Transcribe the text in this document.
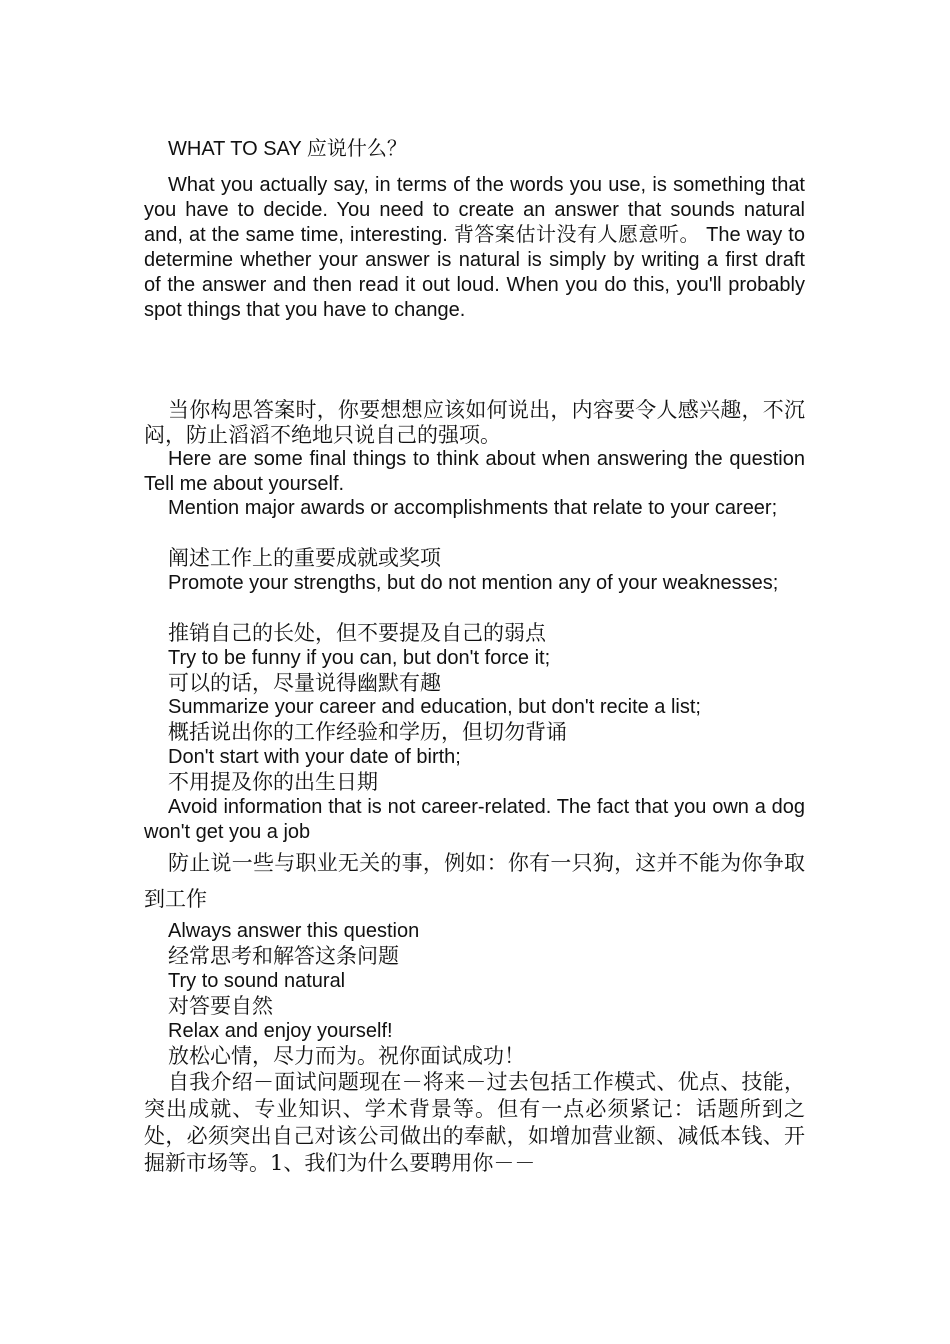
WHAT TO SAY 应说什么？

What you actually say, in terms of the words you use, is something that you have to decide. You need to create an answer that sounds natural and, at the same time, interesting. 背答案估计没有人愿意听。 The way to determine whether your answer is natural is simply by writing a first draft of the answer and then read it out loud. When you do this, you'll probably spot things that you have to change.

当你构思答案时，你要想想应该如何说出，内容要令人感兴趣，不沉闷，防止滔滔不绝地只说自己的强项。

Here are some final things to think about when answering the question Tell me about yourself.

Mention major awards or accomplishments that relate to your career;

阐述工作上的重要成就或奖项

Promote your strengths, but do not mention any of your weaknesses;

推销自己的长处，但不要提及自己的弱点

Try to be funny if you can, but don't force it;

可以的话，尽量说得幽默有趣

Summarize your career and education, but don't recite a list;

概括说出你的工作经验和学历，但切勿背诵

Don't start with your date of birth;

不用提及你的出生日期

Avoid information that is not career-related. The fact that you own a dog won't get you a job

防止说一些与职业无关的事，例如：你有一只狗，这并不能为你争取到工作

Always answer this question

经常思考和解答这条问题

Try to sound natural

对答要自然

Relax and enjoy yourself!

放松心情，尽力而为。祝你面试成功！

自我介绍－面试问题现在－将来－过去包括工作模式、优点、技能，突出成就、专业知识、学术背景等。但有一点必须紧记：话题所到之处，必须突出自己对该公司做出的奉献，如增加营业额、减低本钱、开掘新市场等。1、我们为什么要聘用你－－
